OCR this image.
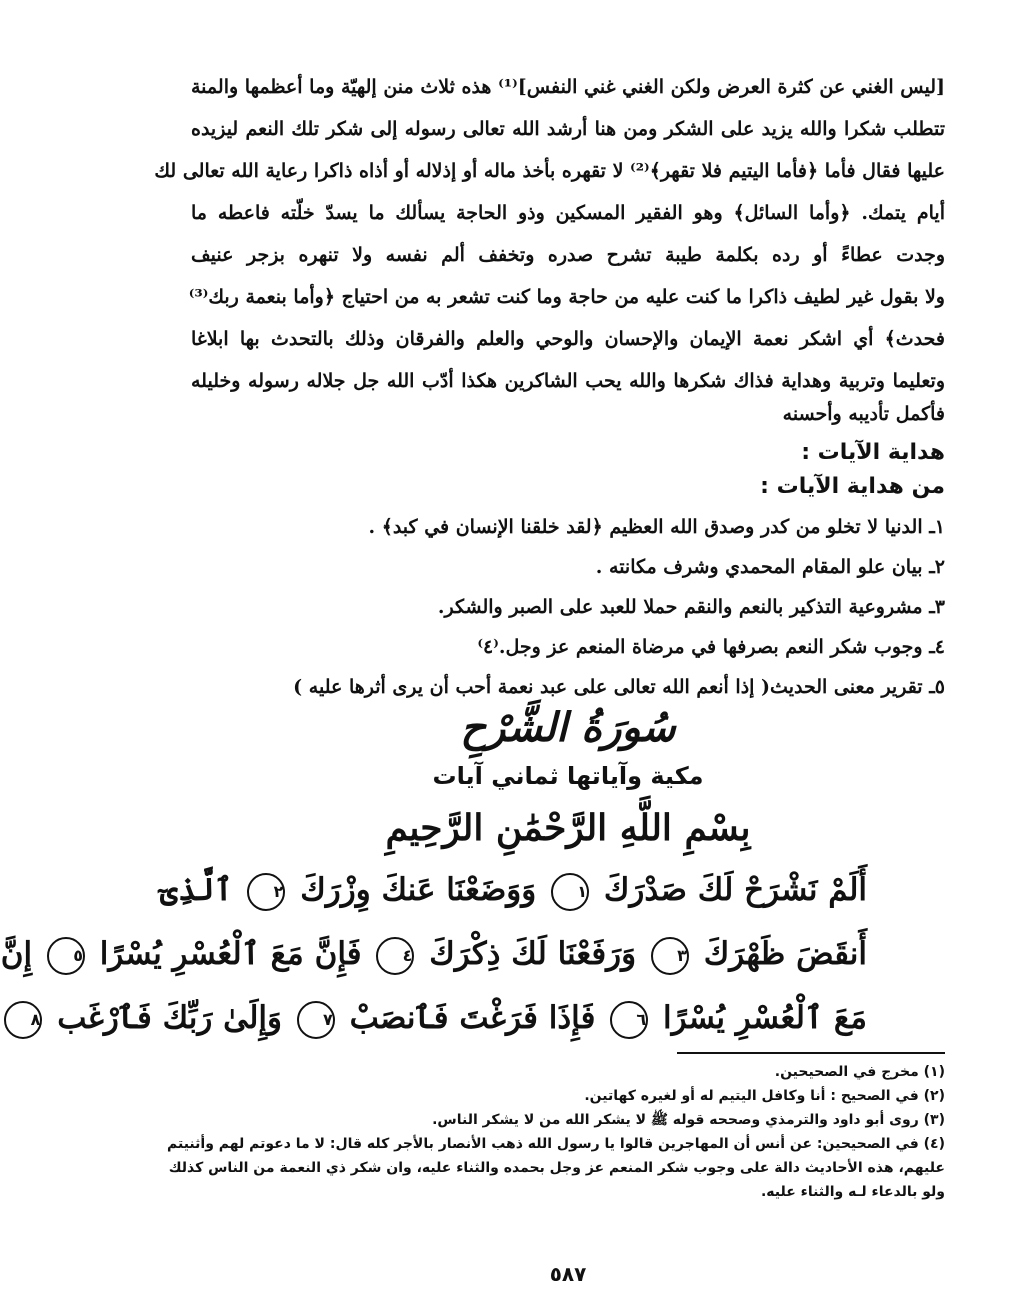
[ليس الغني عن كثرة العرض ولكن الغني غني النفس]⁽¹⁾ هذه ثلاث منن إلهيّة وما أعظمها والمنة
تتطلب شكرا والله يزيد على الشكر ومن هنا أرشد الله تعالى رسوله إلى شكر تلك النعم ليزيده
عليها فقال فأما ﴿فأما اليتيم فلا تقهر﴾⁽²⁾ لا تقهره بأخذ ماله أو إذلاله أو أذاه ذاكرا رعاية الله تعالى لك
أيام يتمك. ﴿وأما السائل﴾ وهو الفقير المسكين وذو الحاجة يسألك ما يسدّ خلّته فاعطه ما
وجدت عطاءً أو رده بكلمة طيبة تشرح صدره وتخفف ألم نفسه ولا تنهره بزجر عنيف
ولا بقول غير لطيف ذاكرا ما كنت عليه من حاجة وما كنت تشعر به من احتياج ﴿وأما بنعمة ربك⁽³⁾
فحدث﴾ أي اشكر نعمة الإيمان والإحسان والوحي والعلم والفرقان وذلك بالتحدث بها ابلاغا
وتعليما وتربية وهداية فذاك شكرها والله يحب الشاكرين هكذا أدّب الله جل جلاله رسوله وخليله
فأكمل تأديبه وأحسنه
هداية الآيات :
من هداية الآيات :
١ـ الدنيا لا تخلو من كدر وصدق الله العظيم ﴿لقد خلقنا الإنسان في كبد﴾ .
٢ـ بيان علو المقام المحمدي وشرف مكانته .
٣ـ مشروعية التذكير بالنعم والنقم حملا للعبد على الصبر والشكر.
٤ـ وجوب شكر النعم بصرفها في مرضاة المنعم عز وجل.⁽٤⁾
٥ـ تقرير معنى الحديث( إذا أنعم الله تعالى على عبد نعمة أحب أن يرى أثرها عليه )
سُورَةُ الشَّرْحِ
مكية وآياتها ثماني آيات
بِسْمِ اللَّهِ الرَّحْمَٰنِ الرَّحِيمِ
أَلَمْ نَشْرَحْ لَكَ صَدْرَكَ ١ وَوَضَعْنَا عَنكَ وِزْرَكَ ٢ ٱلَّذِىٓ
أَنقَضَ ظَهْرَكَ ٣ وَرَفَعْنَا لَكَ ذِكْرَكَ ٤ فَإِنَّ مَعَ ٱلْعُسْرِ يُسْرًا ٥ إِنَّ
مَعَ ٱلْعُسْرِ يُسْرًا ٦ فَإِذَا فَرَغْتَ فَٱنصَبْ ٧ وَإِلَىٰ رَبِّكَ فَٱرْغَب ٨
(١) مخرج في الصحيحين.
(٢) في الصحيح : أنا وكافل اليتيم له أو لغيره كهاتين.
(٣) روى أبو داود والترمذي وصححه قوله ﷺ لا يشكر الله من لا يشكر الناس.
(٤) في الصحيحين: عن أنس أن المهاجرين قالوا يا رسول الله ذهب الأنصار بالأجر كله قال: لا ما دعوتم لهم وأثنيتم
عليهم، هذه الأحاديث دالة على وجوب شكر المنعم عز وجل بحمده والثناء عليه، وان شكر ذي النعمة من الناس كذلك
ولو بالدعاء لـه والثناء عليه.
٥٨٧
